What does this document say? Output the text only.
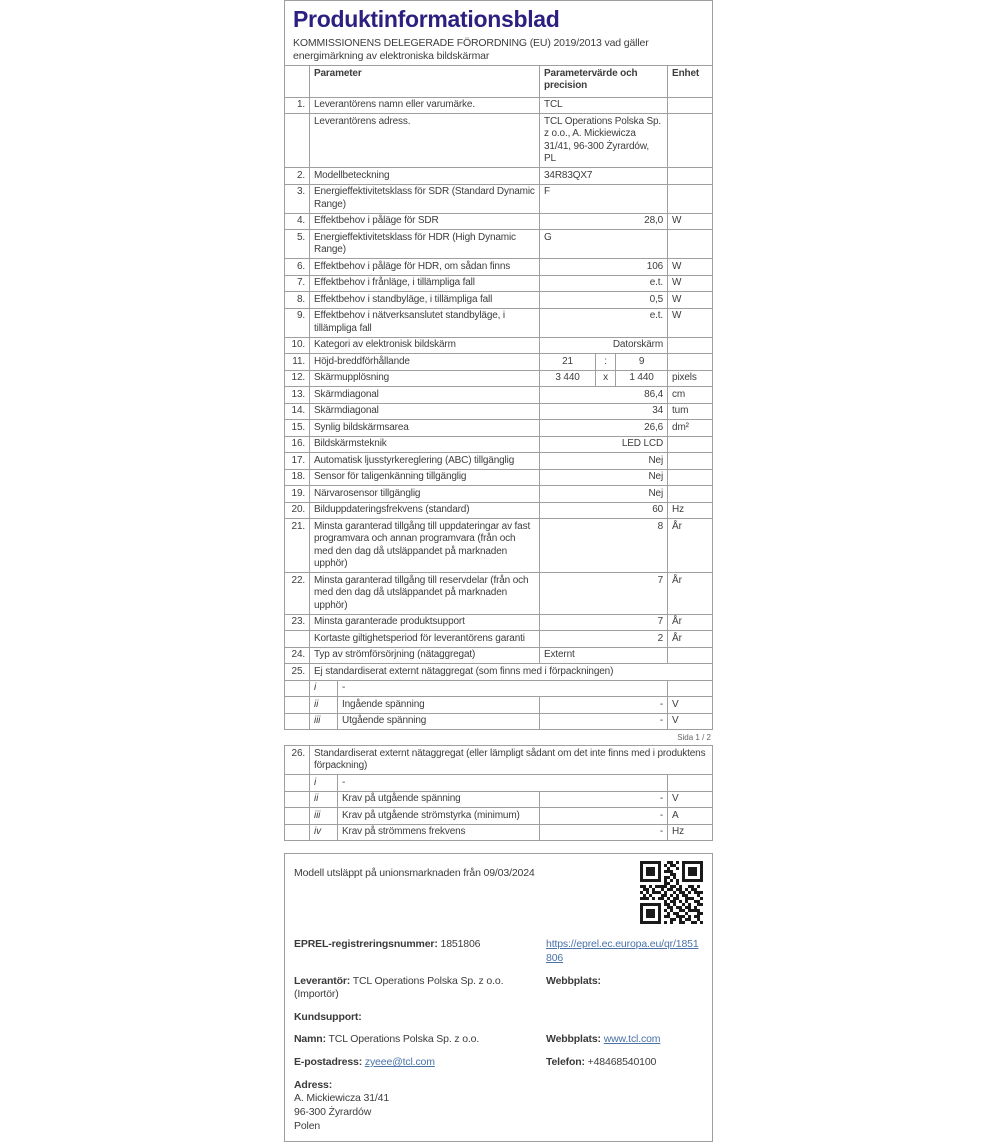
Produktinformationsblad

KOMMISSIONENS DELEGERADE FÖRORDNING (EU) 2019/2013 vad gäller energimärkning av elektroniska bildskärmar

	Parameter		Parametervärde och precision			Enhet
1.	Leverantörens namn eller varumärke.		TCL			
	Leverantörens adress.		TCL Operations Polska Sp. z o.o., A. Mickiewicza 31/41, 96-300 Żyrardów, PL			
2.	Modellbeteckning		34R83QX7			
3.	Energieffektivitetsklass för SDR (Standard Dynamic Range)		F			
4.	Effektbehov i påläge för SDR		28,0			W
5.	Energieffektivitetsklass för HDR (High Dynamic Range)		G			
6.	Effektbehov i påläge för HDR, om sådan finns		106			W
7.	Effektbehov i frånläge, i tillämpliga fall		e.t.			W
8.	Effektbehov i standbyläge, i tillämpliga fall		0,5			W
9.	Effektbehov i nätverksanslutet standbyläge, i tillämpliga fall		e.t.			W
10.	Kategori av elektronisk bildskärm		Datorskärm			
11.	Höjd-breddförhållande		21	:	9	
12.	Skärmupplösning		3 440	x	1 440	pixels
13.	Skärmdiagonal		86,4			cm
14.	Skärmdiagonal		34			tum
15.	Synlig bildskärmsarea		26,6			dm²
16.	Bildskärmsteknik		LED LCD			
17.	Automatisk ljusstyrkereglering (ABC) tillgänglig		Nej			
18.	Sensor för taligenkänning tillgänglig		Nej			
19.	Närvarosensor tillgänglig		Nej			
20.	Bilduppdateringsfrekvens (standard)		60			Hz
21.	Minsta garanterad tillgång till uppdateringar av fast programvara och annan programvara (från och med den dag då utsläppandet på marknaden upphör)		8			År
22.	Minsta garanterad tillgång till reservdelar (från och med den dag då utsläppandet på marknaden upphör)		7			År
23.	Minsta garanterade produktsupport		7			År
	Kortaste giltighetsperiod för leverantörens garanti		2			År
24.	Typ av strömförsörjning (nätaggregat)		Externt			
25.	Ej standardiserat externt nätaggregat (som finns med i förpackningen)					
	i	-				
	ii	Ingående spänning	-			V
	iii	Utgående spänning	-			V
Sida 1 / 2
26.	Standardiserat externt nätaggregat (eller lämpligt sådant om det inte finns med i produktens förpackning)			
	i	-		
	ii	Krav på utgående spänning	-	V
	iii	Krav på utgående strömstyrka (minimum)	-	A
	iv	Krav på strömmens frekvens	-	Hz
Modell utsläppt på unionsmarknaden från 09/03/2024
EPREL-registreringsnummer: 1851806	https://eprel.ec.europa.eu/qr/1851806
Leverantör: TCL Operations Polska Sp. z o.o. (Importör)
Webbplats:
Kundsupport:
Namn: TCL Operations Polska Sp. z o.o.	Webbplats: www.tcl.com
E-postadress: zyeee@tcl.com	Telefon: +48468540100
Adress:
A. Mickiewicza 31/41
96-300 Żyrardów
Polen
